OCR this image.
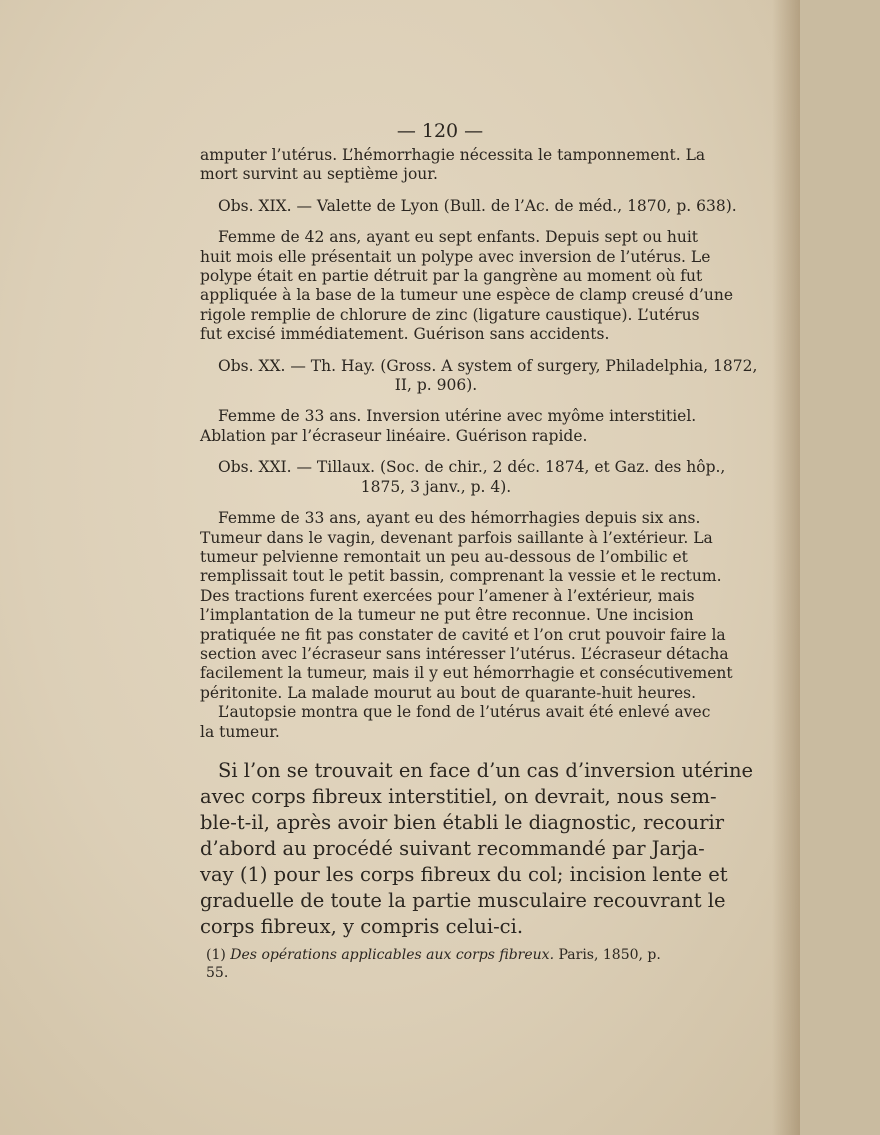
— 120 —
amputer l’utérus. L’hémorrhagie nécessita le tamponnement. La
mort survint au septième jour.
Obs. XIX. — Valette de Lyon (Bull. de l’Ac. de méd., 1870, p. 638).
Femme de 42 ans, ayant eu sept enfants. Depuis sept ou huit
huit mois elle présentait un polype avec inversion de l’utérus. Le
polype était en partie détruit par la gangrène au moment où fut
appliquée à la base de la tumeur une espèce de clamp creusé d’une
rigole remplie de chlorure de zinc (ligature caustique). L’utérus
fut excisé immédiatement. Guérison sans accidents.
Obs. XX. — Th. Hay. (Gross. A system of surgery, Philadelphia, 1872,
II, p. 906).
Femme de 33 ans. Inversion utérine avec myôme interstitiel.
Ablation par l’écraseur linéaire. Guérison rapide.
Obs. XXI. — Tillaux. (Soc. de chir., 2 déc. 1874, et Gaz. des hôp.,
1875, 3 janv., p. 4).
Femme de 33 ans, ayant eu des hémorrhagies depuis six ans.
Tumeur dans le vagin, devenant parfois saillante à l’extérieur. La
tumeur pelvienne remontait un peu au-dessous de l’ombilic et
remplissait tout le petit bassin, comprenant la vessie et le rectum.
Des tractions furent exercées pour l’amener à l’extérieur, mais
l’implantation de la tumeur ne put être reconnue. Une incision
pratiquée ne fit pas constater de cavité et l’on crut pouvoir faire la
section avec l’écraseur sans intéresser l’utérus. L’écraseur détacha
facilement la tumeur, mais il y eut hémorrhagie et consécutivement
péritonite. La malade mourut au bout de quarante-huit heures.
L’autopsie montra que le fond de l’utérus avait été enlevé avec
la tumeur.
Si l’on se trouvait en face d’un cas d’inversion utérine
avec corps fibreux interstitiel, on devrait, nous sem-
ble-t-il, après avoir bien établi le diagnostic, recourir
d’abord au procédé suivant recommandé par Jarja-
vay (1) pour les corps fibreux du col; incision lente et
graduelle de toute la partie musculaire recouvrant le
corps fibreux, y compris celui-ci.
(1) Des opérations applicables aux corps fibreux. Paris, 1850, p. 55.
